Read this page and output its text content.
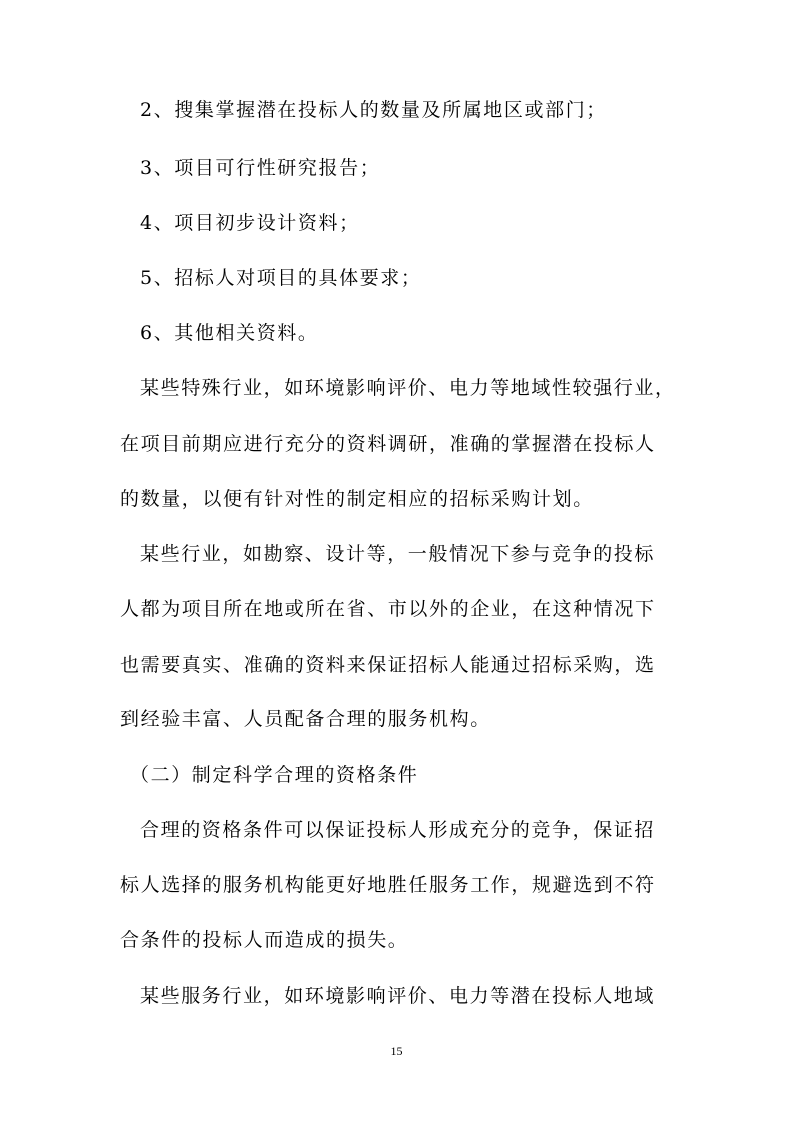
2、搜集掌握潜在投标人的数量及所属地区或部门；
3、项目可行性研究报告；
4、项目初步设计资料；
5、招标人对项目的具体要求；
6、其他相关资料。
某些特殊行业，如环境影响评价、电力等地域性较强行业，
在项目前期应进行充分的资料调研，准确的掌握潜在投标人
的数量，以便有针对性的制定相应的招标采购计划。
某些行业，如勘察、设计等，一般情况下参与竞争的投标
人都为项目所在地或所在省、市以外的企业，在这种情况下
也需要真实、准确的资料来保证招标人能通过招标采购，选
到经验丰富、人员配备合理的服务机构。
（二）制定科学合理的资格条件
合理的资格条件可以保证投标人形成充分的竞争，保证招
标人选择的服务机构能更好地胜任服务工作，规避选到不符
合条件的投标人而造成的损失。
某些服务行业，如环境影响评价、电力等潜在投标人地域
15
